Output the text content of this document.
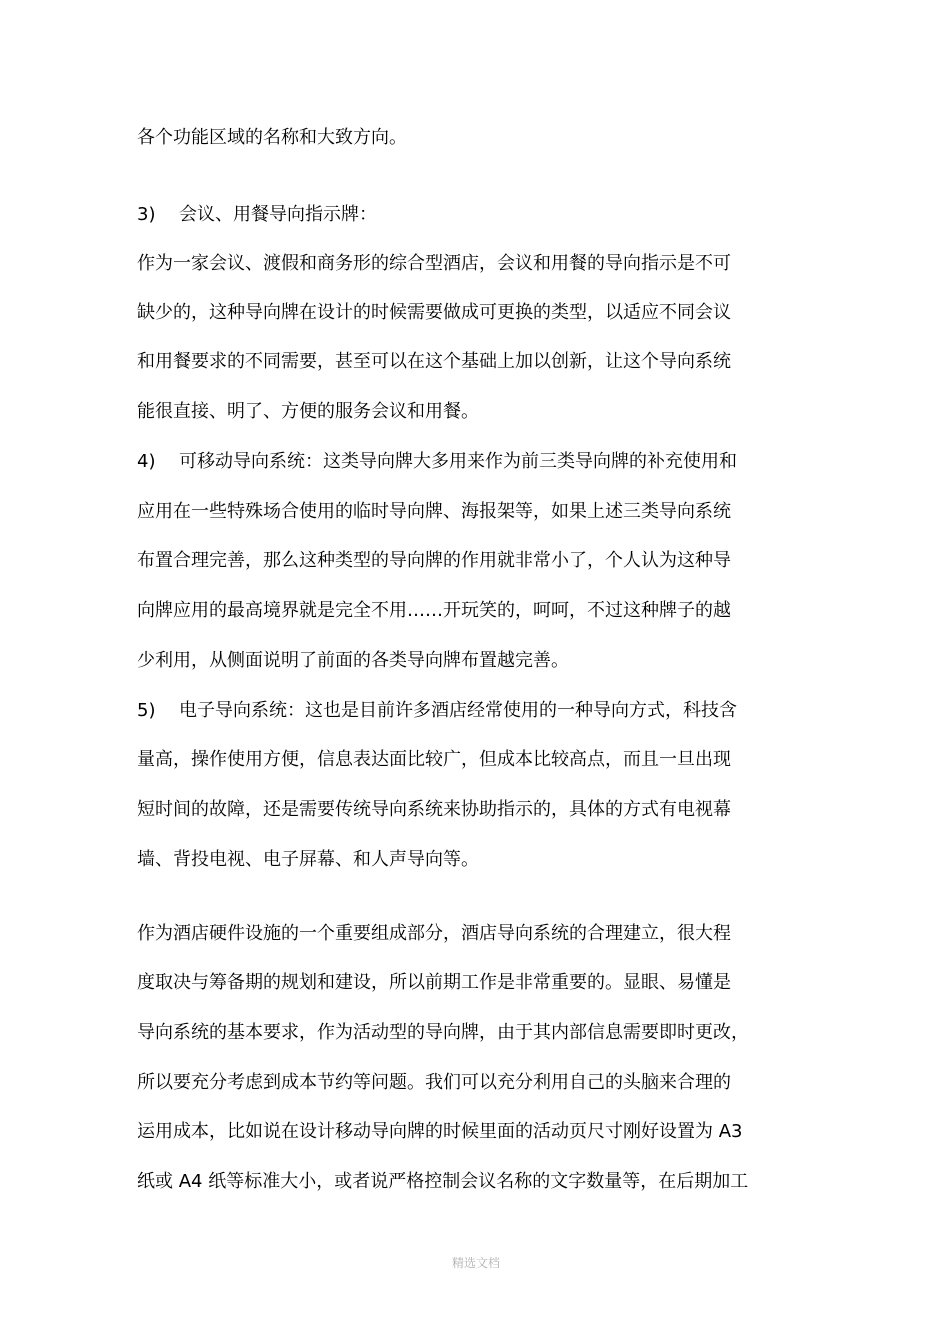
各个功能区域的名称和大致方向。

3) 会议、用餐导向指示牌：

作为一家会议、渡假和商务形的综合型酒店，会议和用餐的导向指示是不可

缺少的，这种导向牌在设计的时候需要做成可更换的类型，以适应不同会议

和用餐要求的不同需要，甚至可以在这个基础上加以创新，让这个导向系统

能很直接、明了、方便的服务会议和用餐。

4) 可移动导向系统：这类导向牌大多用来作为前三类导向牌的补充使用和

应用在一些特殊场合使用的临时导向牌、海报架等，如果上述三类导向系统

布置合理完善，那么这种类型的导向牌的作用就非常小了，个人认为这种导

向牌应用的最高境界就是完全不用……开玩笑的，呵呵，不过这种牌子的越

少利用，从侧面说明了前面的各类导向牌布置越完善。

5) 电子导向系统：这也是目前许多酒店经常使用的一种导向方式，科技含

量高，操作使用方便，信息表达面比较广，但成本比较高点，而且一旦出现

短时间的故障，还是需要传统导向系统来协助指示的，具体的方式有电视幕

墙、背投电视、电子屏幕、和人声导向等。

作为酒店硬件设施的一个重要组成部分，酒店导向系统的合理建立，很大程

度取决与筹备期的规划和建设，所以前期工作是非常重要的。显眼、易懂是

导向系统的基本要求，作为活动型的导向牌，由于其内部信息需要即时更改，

所以要充分考虑到成本节约等问题。我们可以充分利用自己的头脑来合理的

运用成本，比如说在设计移动导向牌的时候里面的活动页尺寸刚好设置为 A3

纸或 A4 纸等标准大小，或者说严格控制会议名称的文字数量等，在后期加工

精选文档
